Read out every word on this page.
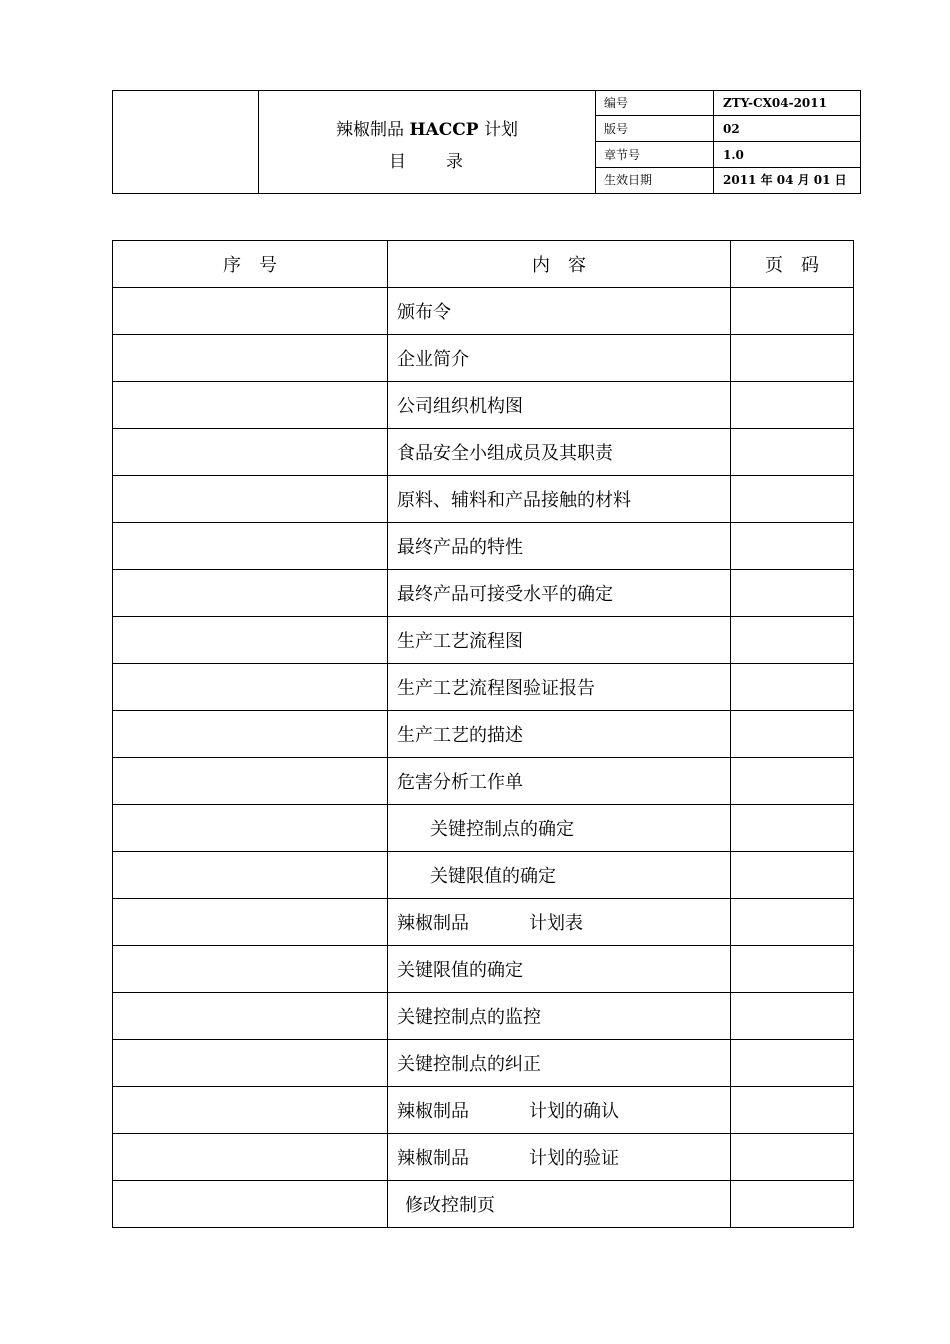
辣椒制品 HACCP 计划
目　　录
编号	ZTY-CX04-2011
版号	02
章节号	1.0
生效日期	2011 年 04 月 01 日
序　号	内　容	页　码
	颁布令	
	企业简介	
	公司组织机构图	
	食品安全小组成员及其职责	
	原料、辅料和产品接触的材料	
	最终产品的特性	
	最终产品可接受水平的确定	
	生产工艺流程图	
	生产工艺流程图验证报告	
	生产工艺的描述	
	危害分析工作单	
	关键控制点的确定	
	关键限值的确定	
	辣椒制品 计划表	
	关键限值的确定	
	关键控制点的监控	
	关键控制点的纠正	
	辣椒制品 计划的确认	
	辣椒制品 计划的验证	
	修改控制页	
